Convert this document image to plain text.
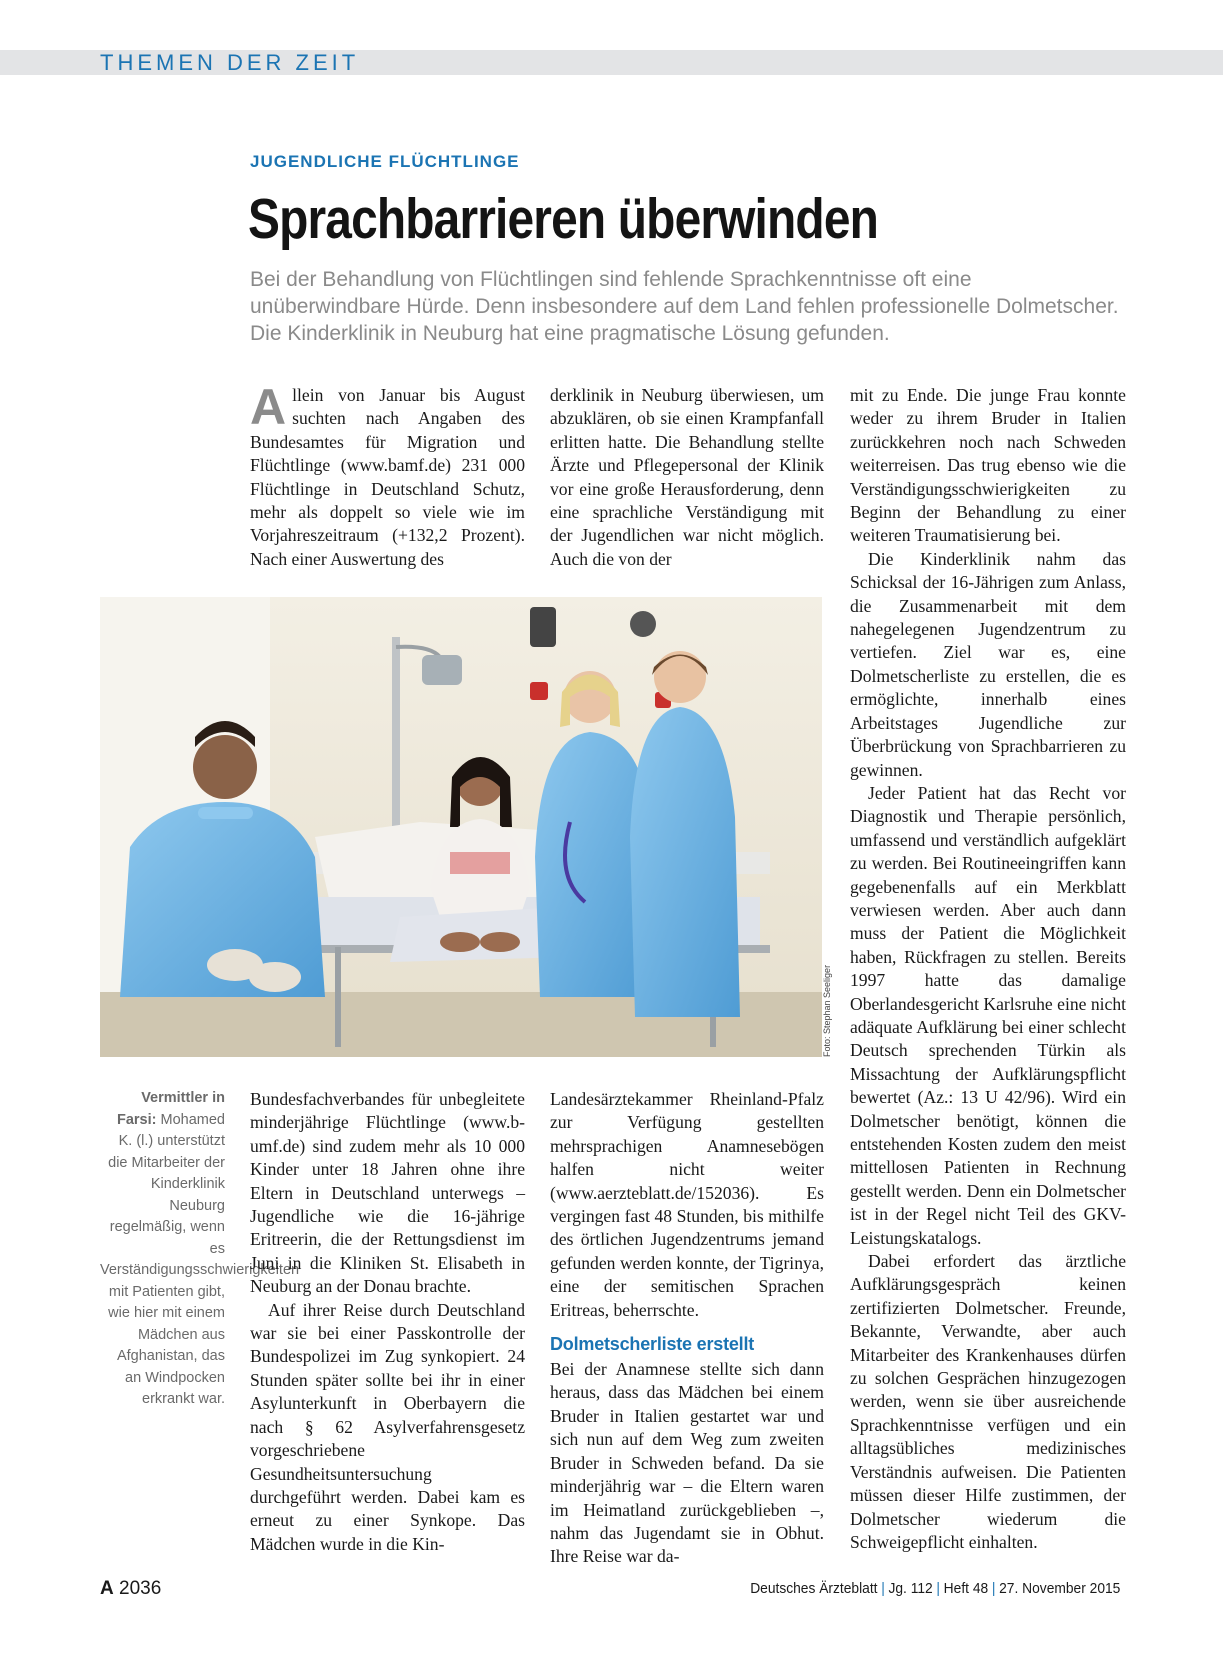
THEMEN DER ZEIT
JUGENDLICHE FLÜCHTLINGE
Sprachbarrieren überwinden
Bei der Behandlung von Flüchtlingen sind fehlende Sprachkenntnisse oft eine unüberwindbare Hürde. Denn insbesondere auf dem Land fehlen professionelle Dolmetscher. Die Kinderklinik in Neuburg hat eine pragmatische Lösung gefunden.

Allein von Januar bis August suchten nach Angaben des Bundesamtes für Migration und Flüchtlinge (www.bamf.de) 231 000 Flüchtlinge in Deutschland Schutz, mehr als doppelt so viele wie im Vorjahreszeitraum (+132,2 Prozent). Nach einer Auswertung des

derklinik in Neuburg überwiesen, um abzuklären, ob sie einen Krampfanfall erlitten hatte. Die Behandlung stellte Ärzte und Pflegepersonal der Klinik vor eine große Herausforderung, denn eine sprachliche Verständigung mit der Jugendlichen war nicht möglich. Auch die von der

Foto: Stephan Seeliger
Vermittler in Farsi: Mohamed K. (l.) unterstützt die Mitarbeiter der Kinderklinik Neuburg regelmäßig, wenn es Verständigungsschwierigkeiten mit Patienten gibt, wie hier mit einem Mädchen aus Afghanistan, das an Windpocken erkrankt war.

Bundesfachverbandes für unbegleitete minderjährige Flüchtlinge (www.b-umf.de) sind zudem mehr als 10 000 Kinder unter 18 Jahren ohne ihre Eltern in Deutschland unterwegs – Jugendliche wie die 16-jährige Eritreerin, die der Rettungsdienst im Juni in die Kliniken St. Elisabeth in Neuburg an der Donau brachte.

Auf ihrer Reise durch Deutschland war sie bei einer Passkontrolle der Bundespolizei im Zug synkopiert. 24 Stunden später sollte bei ihr in einer Asylunterkunft in Oberbayern die nach § 62 Asylverfahrensgesetz vorgeschriebene Gesundheitsuntersuchung durchgeführt werden. Dabei kam es erneut zu einer Synkope. Das Mädchen wurde in die Kin-

Landesärztekammer Rheinland-Pfalz zur Verfügung gestellten mehrsprachigen Anamnesebögen halfen nicht weiter (www.aerzteblatt.de/152036). Es vergingen fast 48 Stunden, bis mithilfe des örtlichen Jugendzentrums jemand gefunden werden konnte, der Tigrinya, eine der semitischen Sprachen Eritreas, beherrschte.

Dolmetscherliste erstellt

Bei der Anamnese stellte sich dann heraus, dass das Mädchen bei einem Bruder in Italien gestartet war und sich nun auf dem Weg zum zweiten Bruder in Schweden befand. Da sie minderjährig war – die Eltern waren im Heimatland zurückgeblieben –, nahm das Jugendamt sie in Obhut. Ihre Reise war da-

mit zu Ende. Die junge Frau konnte weder zu ihrem Bruder in Italien zurückkehren noch nach Schweden weiterreisen. Das trug ebenso wie die Verständigungsschwierigkeiten zu Beginn der Behandlung zu einer weiteren Traumatisierung bei.

Die Kinderklinik nahm das Schicksal der 16-Jährigen zum Anlass, die Zusammenarbeit mit dem nahegelegenen Jugendzentrum zu vertiefen. Ziel war es, eine Dolmetscherliste zu erstellen, die es ermöglichte, innerhalb eines Arbeitstages Jugendliche zur Überbrückung von Sprachbarrieren zu gewinnen.

Jeder Patient hat das Recht vor Diagnostik und Therapie persönlich, umfassend und verständlich aufgeklärt zu werden. Bei Routineeingriffen kann gegebenenfalls auf ein Merkblatt verwiesen werden. Aber auch dann muss der Patient die Möglichkeit haben, Rückfragen zu stellen. Bereits 1997 hatte das damalige Oberlandesgericht Karlsruhe eine nicht adäquate Aufklärung bei einer schlecht Deutsch sprechenden Türkin als Missachtung der Aufklärungspflicht bewertet (Az.: 13 U 42/96). Wird ein Dolmetscher benötigt, können die entstehenden Kosten zudem den meist mittellosen Patienten in Rechnung gestellt werden. Denn ein Dolmetscher ist in der Regel nicht Teil des GKV-Leistungskatalogs.

Dabei erfordert das ärztliche Aufklärungsgespräch keinen zertifizierten Dolmetscher. Freunde, Bekannte, Verwandte, aber auch Mitarbeiter des Krankenhauses dürfen zu solchen Gesprächen hinzugezogen werden, wenn sie über ausreichende Sprachkenntnisse verfügen und ein alltagsübliches medizinisches Verständnis aufweisen. Die Patienten müssen dieser Hilfe zustimmen, der Dolmetscher wiederum die Schweigepflicht einhalten.

A 2036	Deutsches Ärzteblatt | Jg. 112 | Heft 48 | 27. November 2015
